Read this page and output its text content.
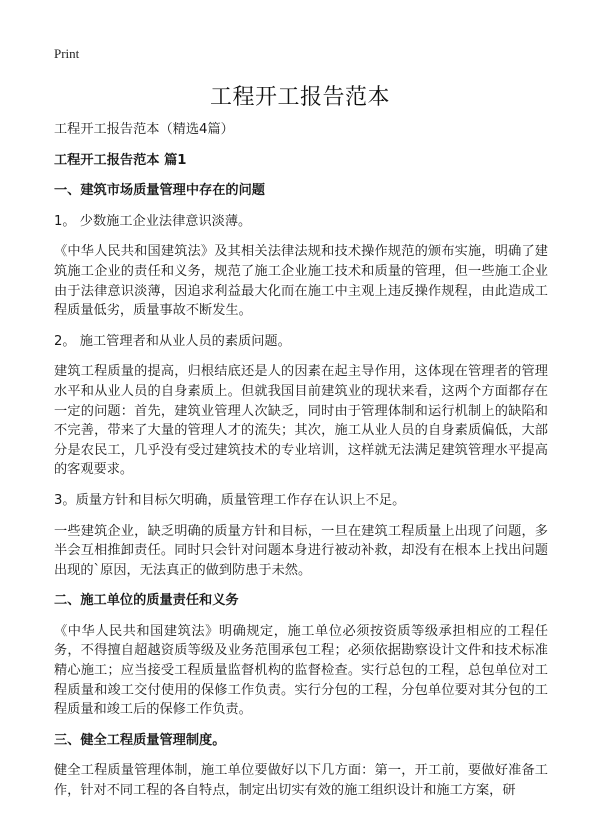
Print
工程开工报告范本

工程开工报告范本（精选4篇）

工程开工报告范本 篇1

一、建筑市场质量管理中存在的问题

1。 少数施工企业法律意识淡薄。

《中华人民共和国建筑法》及其相关法律法规和技术操作规范的颁布实施，明确了建筑施工企业的责任和义务，规范了施工企业施工技术和质量的管理，但一些施工企业由于法律意识淡薄，因追求利益最大化而在施工中主观上违反操作规程，由此造成工程质量低劣，质量事故不断发生。

2。 施工管理者和从业人员的素质问题。

建筑工程质量的提高，归根结底还是人的因素在起主导作用，这体现在管理者的管理水平和从业人员的自身素质上。但就我国目前建筑业的现状来看，这两个方面都存在一定的问题：首先，建筑业管理人次缺乏，同时由于管理体制和运行机制上的缺陷和不完善，带来了大量的管理人才的流失；其次，施工从业人员的自身素质偏低，大部分是农民工，几乎没有受过建筑技术的专业培训，这样就无法满足建筑管理水平提高的客观要求。

3。质量方针和目标欠明确，质量管理工作存在认识上不足。

一些建筑企业，缺乏明确的质量方针和目标，一旦在建筑工程质量上出现了问题，多半会互相推卸责任。同时只会针对问题本身进行被动补救，却没有在根本上找出问题出现的`原因，无法真正的做到防患于未然。

二、施工单位的质量责任和义务

《中华人民共和国建筑法》明确规定，施工单位必须按资质等级承担相应的工程任务，不得擅自超越资质等级及业务范围承包工程；必须依据勘察设计文件和技术标准精心施工；应当接受工程质量监督机构的监督检查。实行总包的工程，总包单位对工程质量和竣工交付使用的保修工作负责。实行分包的工程，分包单位要对其分包的工程质量和竣工后的保修工作负责。

三、健全工程质量管理制度。

健全工程质量管理体制，施工单位要做好以下几方面：第一，开工前，要做好准备工作，针对不同工程的各自特点，制定出切实有效的施工组织设计和施工方案，研
